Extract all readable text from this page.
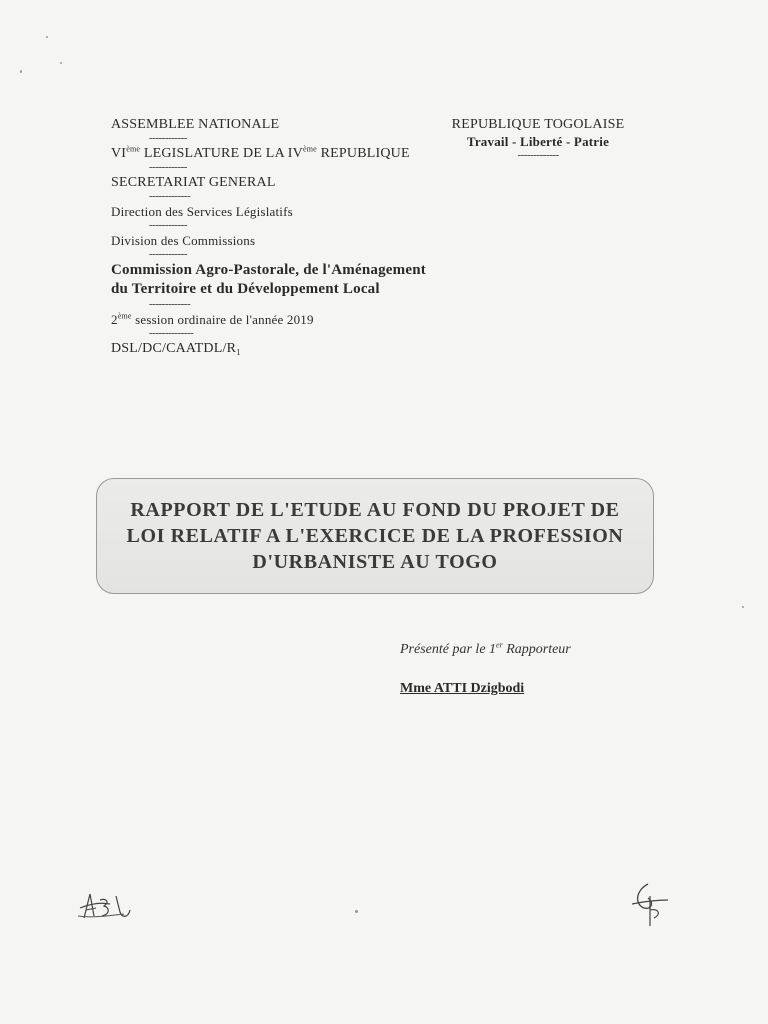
ASSEMBLEE NATIONALE
------------
VIème LEGISLATURE DE LA IVème REPUBLIQUE
------------
SECRETARIAT GENERAL
-------------
Direction des Services Législatifs
------------
Division des Commissions
------------
Commission Agro-Pastorale, de l'Aménagement
du Territoire et du Développement Local
-------------
2ème session ordinaire de l'année 2019
--------------
DSL/DC/CAATDL/R₁
REPUBLIQUE TOGOLAISE
Travail - Liberté - Patrie
-------------
RAPPORT DE L'ETUDE AU FOND DU PROJET DE
LOI RELATIF A L'EXERCICE DE LA PROFESSION
D'URBANISTE AU TOGO
Présenté par le 1er Rapporteur
Mme ATTI Dzigbodi
